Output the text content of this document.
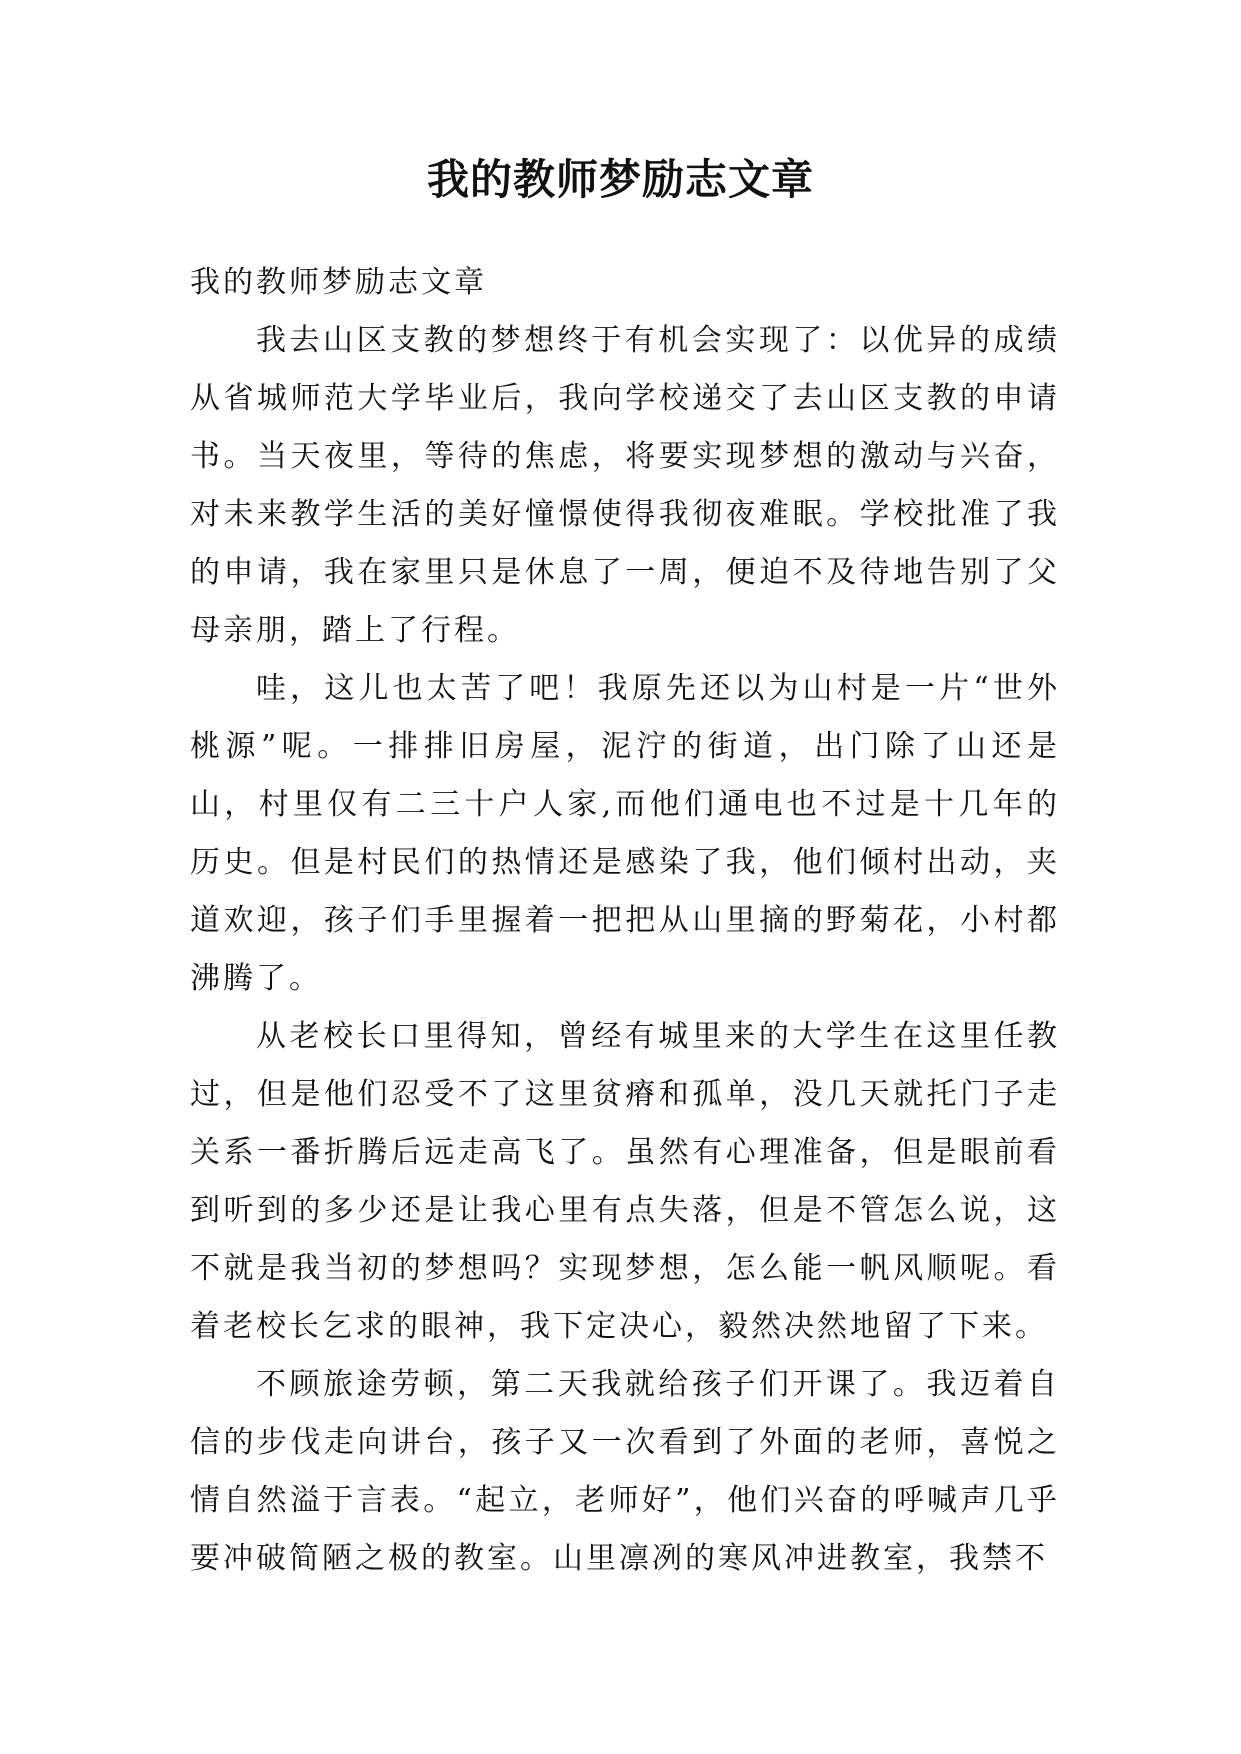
我的教师梦励志文章

我的教师梦励志文章

我去山区支教的梦想终于有机会实现了：以优异的成绩从省城师范大学毕业后，我向学校递交了去山区支教的申请书。当天夜里，等待的焦虑，将要实现梦想的激动与兴奋，对未来教学生活的美好憧憬使得我彻夜难眠。学校批准了我的申请，我在家里只是休息了一周，便迫不及待地告别了父母亲朋，踏上了行程。

哇，这儿也太苦了吧！我原先还以为山村是一片“世外桃源”呢。一排排旧房屋，泥泞的街道，出门除了山还是山，村里仅有二三十户人家,而他们通电也不过是十几年的历史。但是村民们的热情还是感染了我，他们倾村出动，夹道欢迎，孩子们手里握着一把把从山里摘的野菊花，小村都沸腾了。

从老校长口里得知，曾经有城里来的大学生在这里任教过，但是他们忍受不了这里贫瘠和孤单，没几天就托门子走关系一番折腾后远走高飞了。虽然有心理准备，但是眼前看到听到的多少还是让我心里有点失落，但是不管怎么说，这不就是我当初的梦想吗？实现梦想，怎么能一帆风顺呢。看着老校长乞求的眼神，我下定决心，毅然决然地留了下来。

不顾旅途劳顿，第二天我就给孩子们开课了。我迈着自信的步伐走向讲台，孩子又一次看到了外面的老师，喜悦之情自然溢于言表。“起立，老师好”，他们兴奋的呼喊声几乎要冲破简陋之极的教室。山里凛冽的寒风冲进教室，我禁不
